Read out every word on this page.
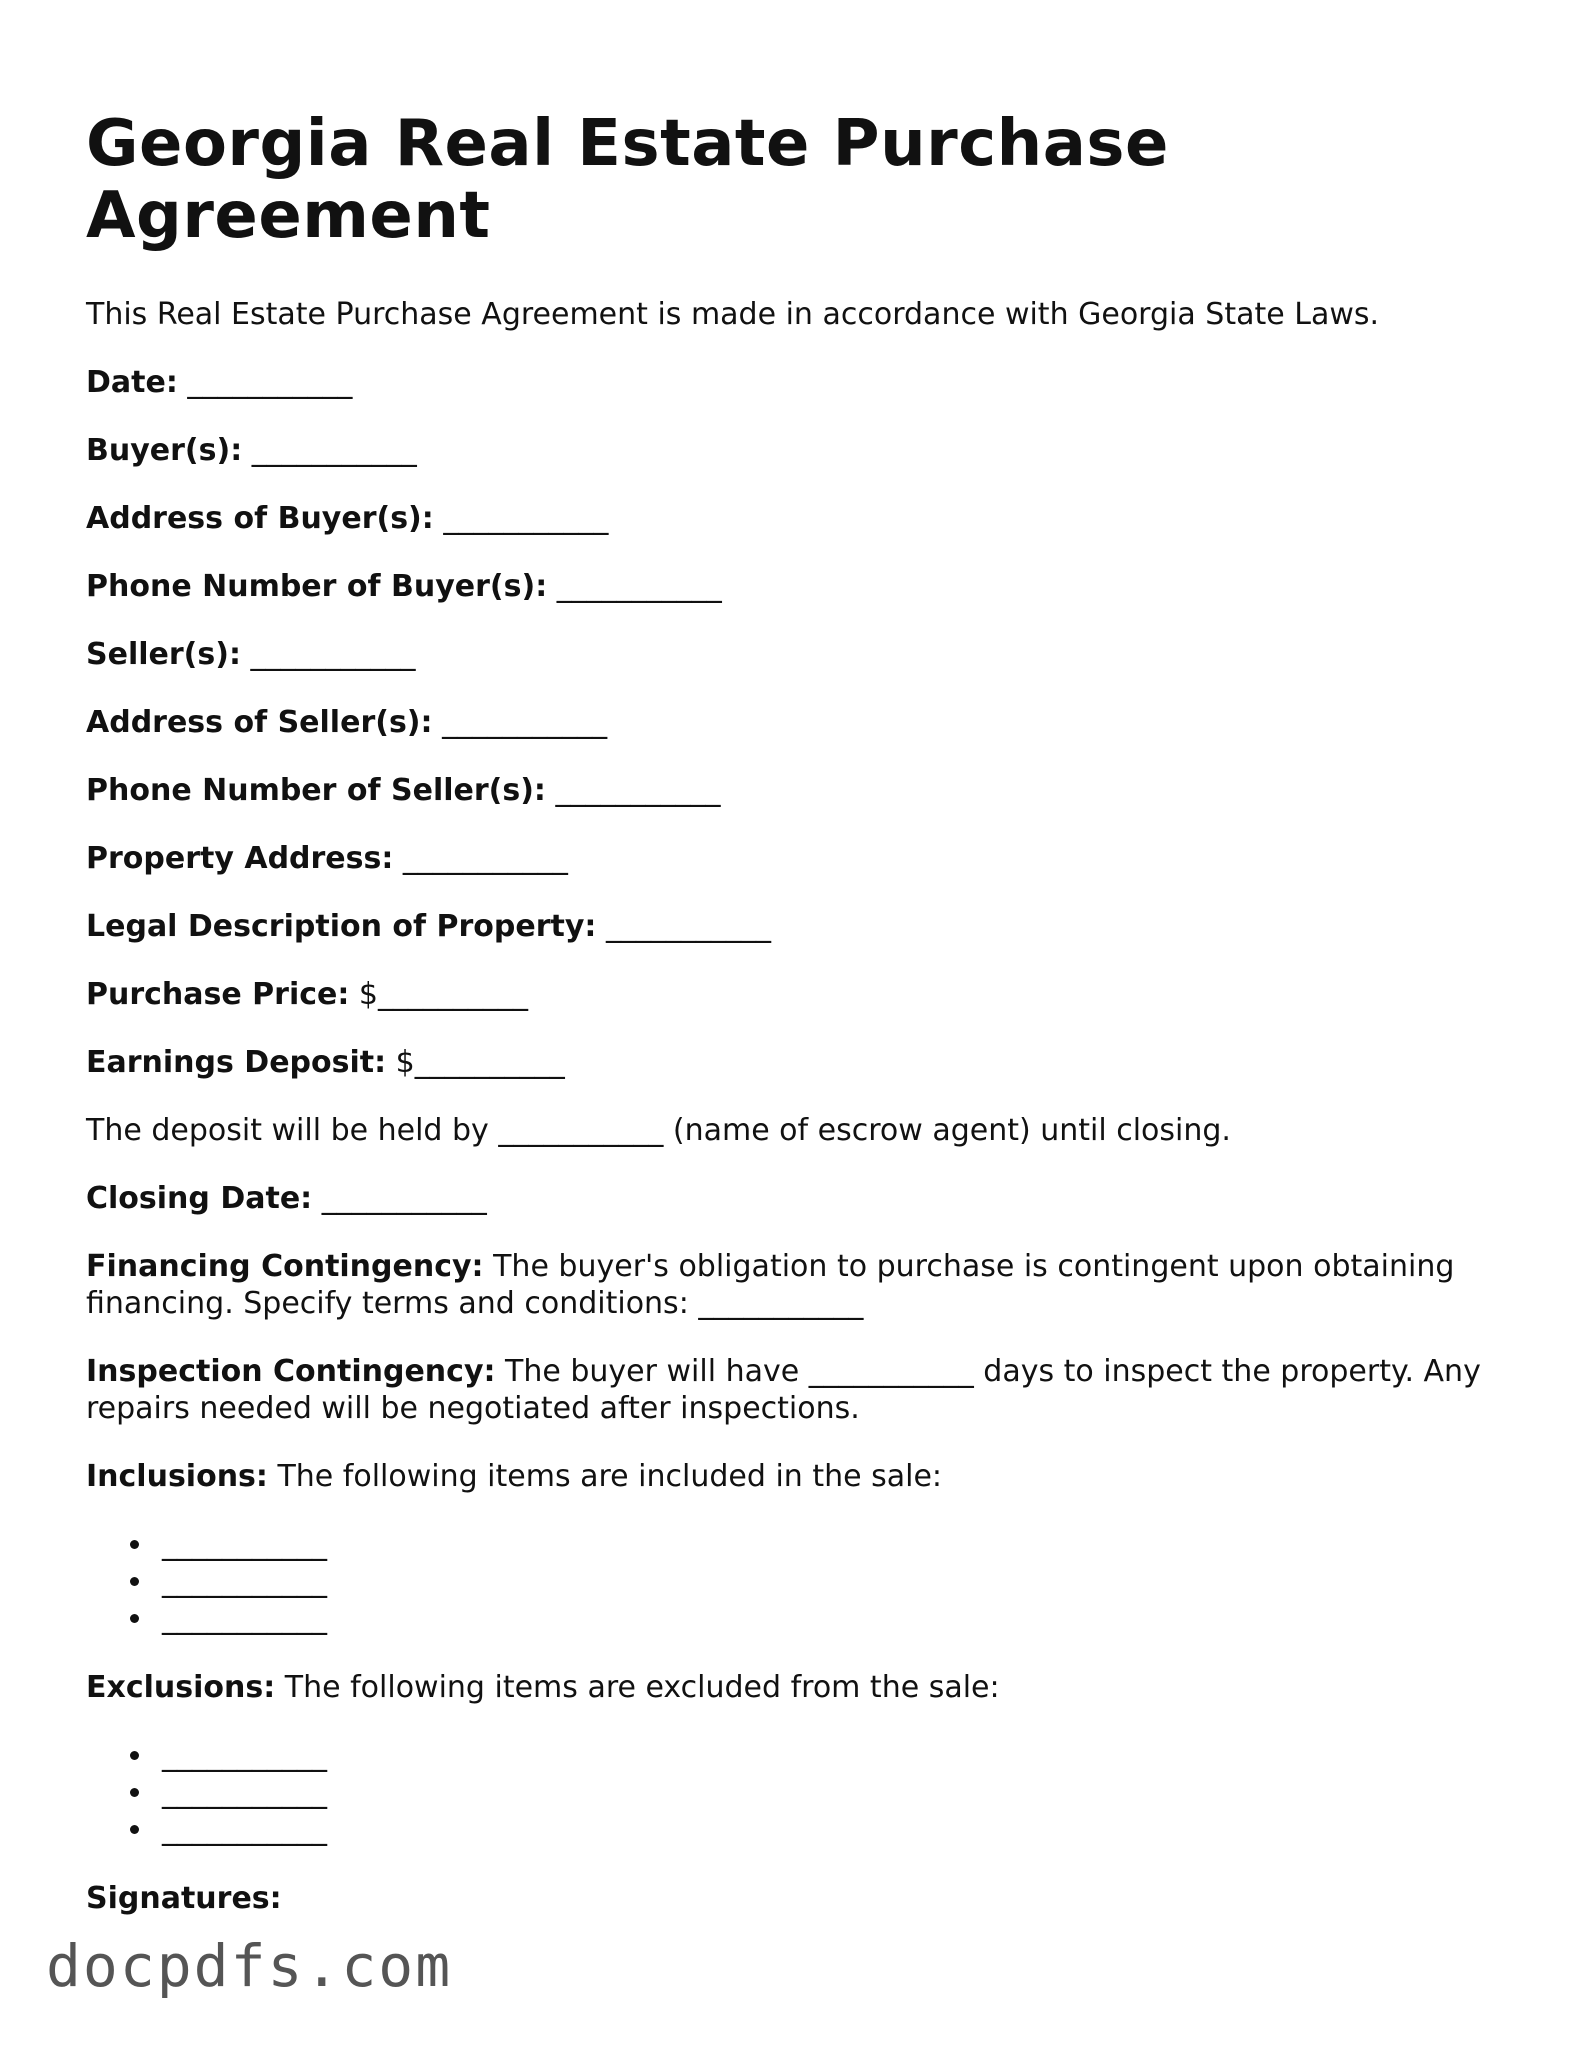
Georgia Real Estate Purchase Agreement

This Real Estate Purchase Agreement is made in accordance with Georgia State Laws.

Date: ___________

Buyer(s): ___________

Address of Buyer(s): ___________

Phone Number of Buyer(s): ___________

Seller(s): ___________

Address of Seller(s): ___________

Phone Number of Seller(s): ___________

Property Address: ___________

Legal Description of Property: ___________

Purchase Price: $__________

Earnings Deposit: $__________

The deposit will be held by ___________ (name of escrow agent) until closing.

Closing Date: ___________

Financing Contingency: The buyer's obligation to purchase is contingent upon obtaining financing. Specify terms and conditions: ___________

Inspection Contingency: The buyer will have ___________ days to inspect the property. Any repairs needed will be negotiated after inspections.

Inclusions: The following items are included in the sale:

___________
___________
___________

Exclusions: The following items are excluded from the sale:

___________
___________
___________

Signatures:

docpdfs.com
